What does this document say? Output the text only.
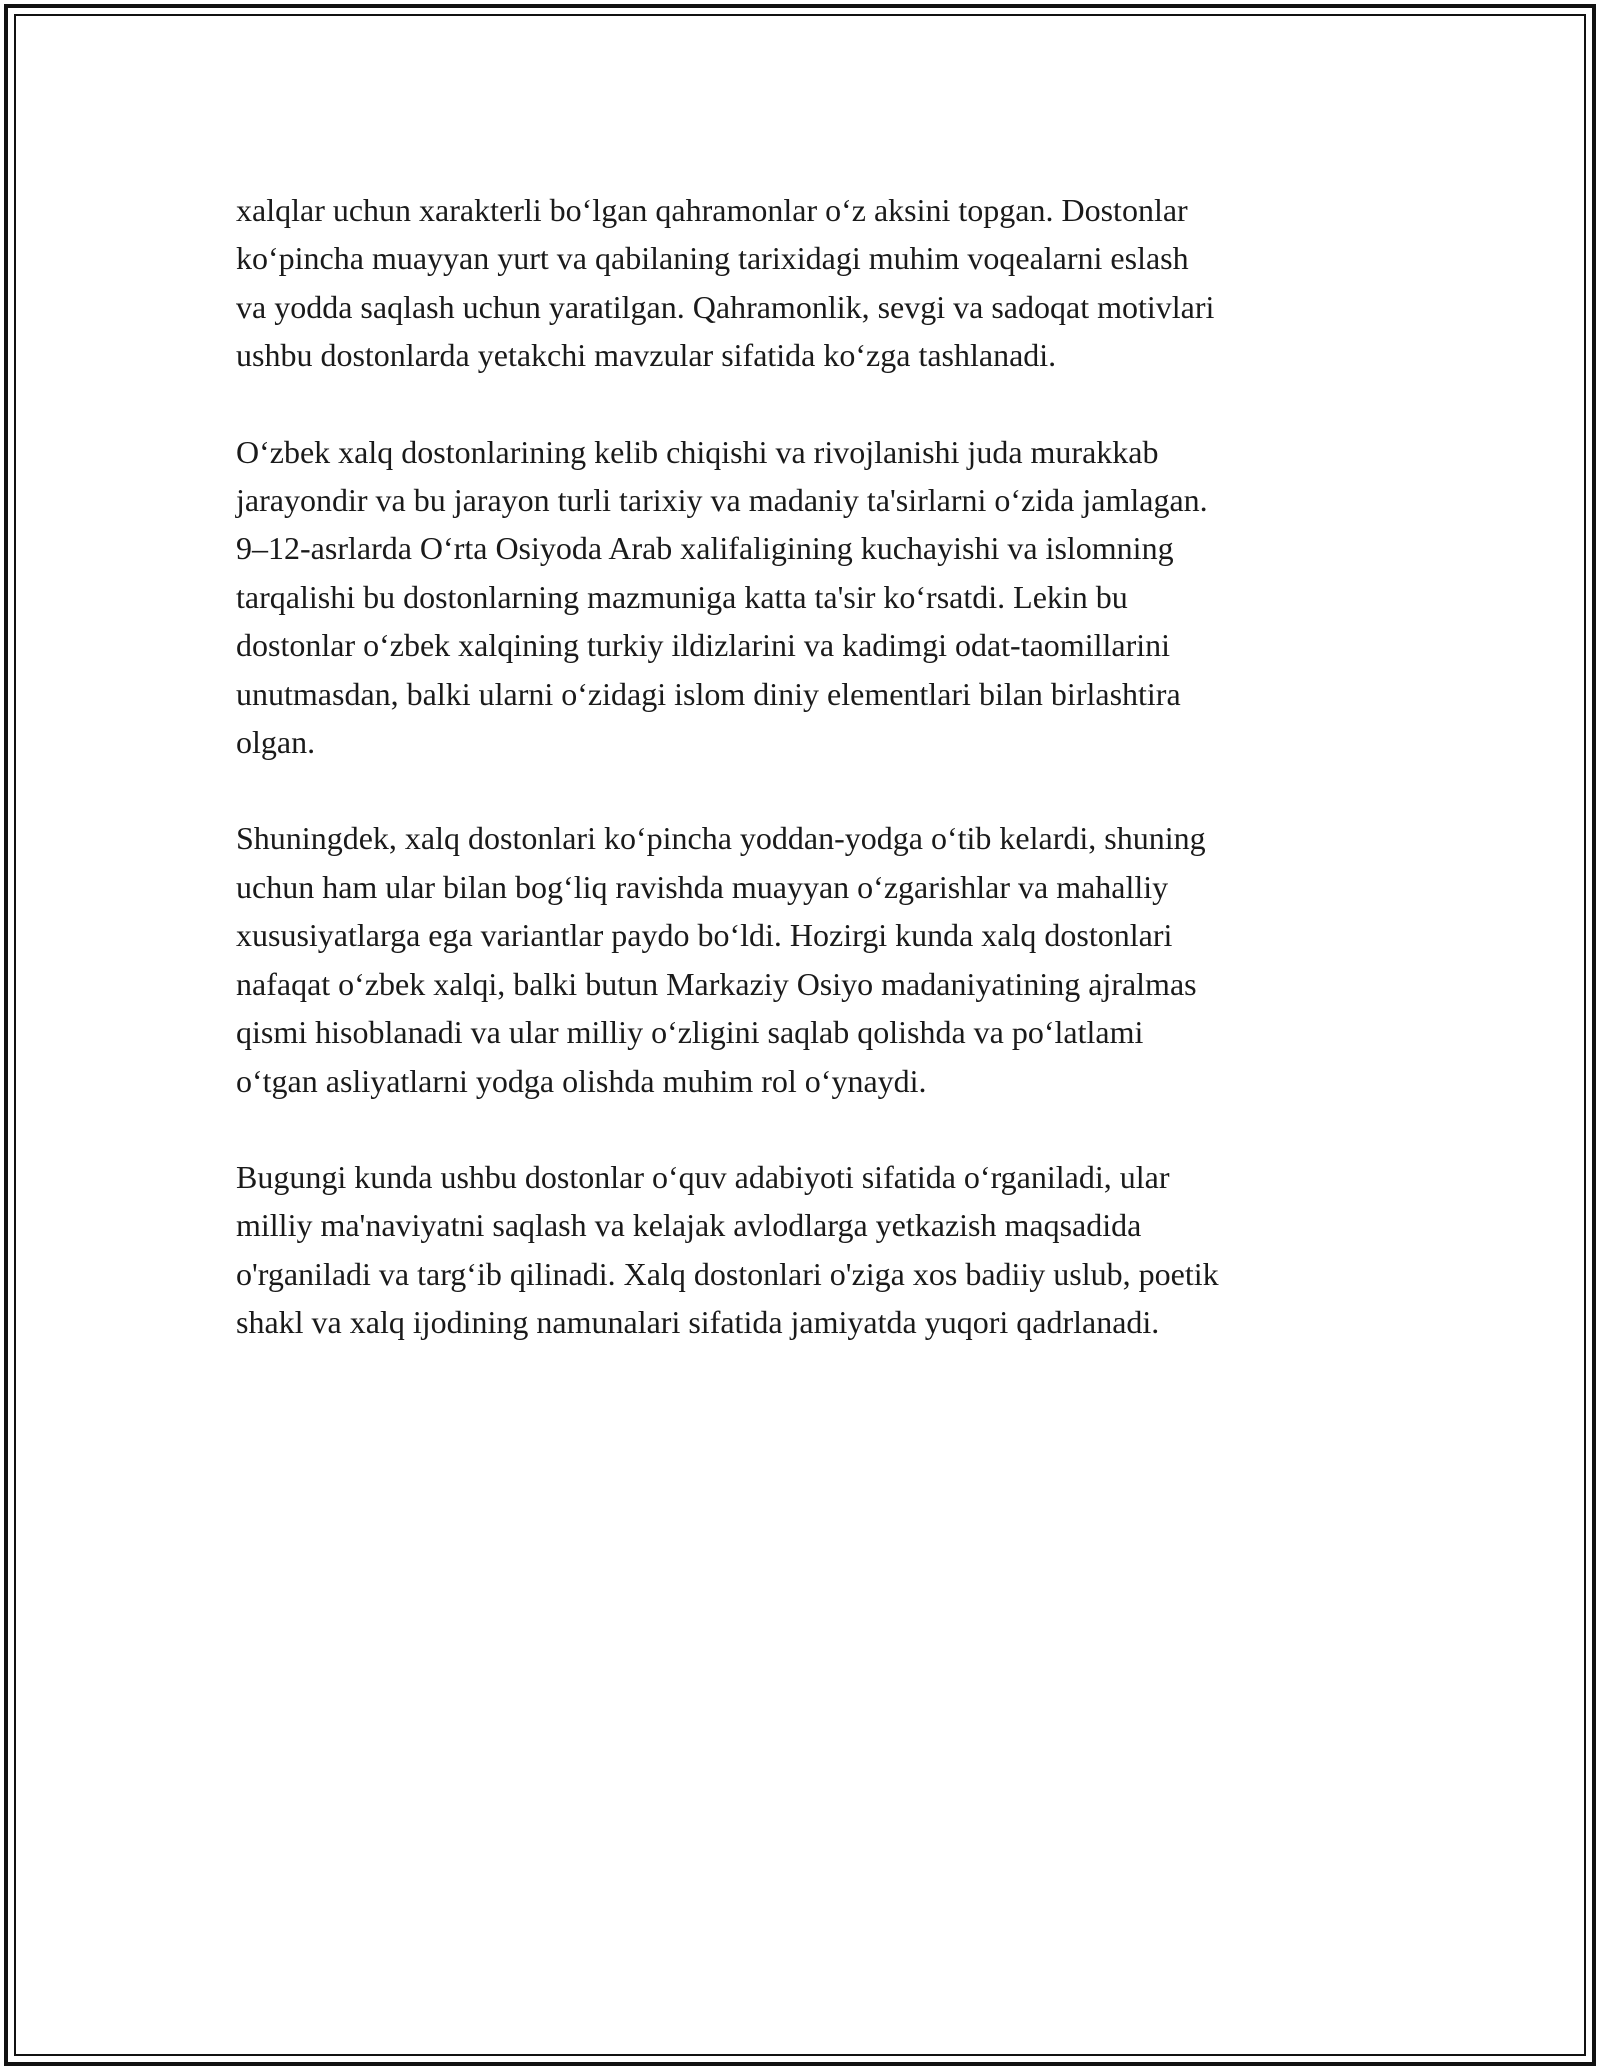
xalqlar uchun xarakterli boʻlgan qahramonlar oʻz aksini topgan. Dostonlar
koʻpincha muayyan yurt va qabilaning tarixidagi muhim voqealarni eslash
va yodda saqlash uchun yaratilgan. Qahramonlik, sevgi va sadoqat motivlari
ushbu dostonlarda yetakchi mavzular sifatida koʻzga tashlanadi.

Oʻzbek xalq dostonlarining kelib chiqishi va rivojlanishi juda murakkab
jarayondir va bu jarayon turli tarixiy va madaniy ta'sirlarni oʻzida jamlagan.
9–12-asrlarda Oʻrta Osiyoda Arab xalifaligining kuchayishi va islomning
tarqalishi bu dostonlarning mazmuniga katta ta'sir koʻrsatdi. Lekin bu
dostonlar oʻzbek xalqining turkiy ildizlarini va kadimgi odat-taomillarini
unutmasdan, balki ularni oʻzidagi islom diniy elementlari bilan birlashtira
olgan.

Shuningdek, xalq dostonlari koʻpincha yoddan-yodga oʻtib kelardi, shuning
uchun ham ular bilan bogʻliq ravishda muayyan oʻzgarishlar va mahalliy
xususiyatlarga ega variantlar paydo boʻldi. Hozirgi kunda xalq dostonlari
nafaqat oʻzbek xalqi, balki butun Markaziy Osiyo madaniyatining ajralmas
qismi hisoblanadi va ular milliy oʻzligini saqlab qolishda va poʻlatlami
oʻtgan asliyatlarni yodga olishda muhim rol oʻynaydi.

Bugungi kunda ushbu dostonlar oʻquv adabiyoti sifatida oʻrganiladi, ular
milliy ma'naviyatni saqlash va kelajak avlodlarga yetkazish maqsadida
o'rganiladi va targʻib qilinadi. Xalq dostonlari o'ziga xos badiiy uslub, poetik
shakl va xalq ijodining namunalari sifatida jamiyatda yuqori qadrlanadi.
